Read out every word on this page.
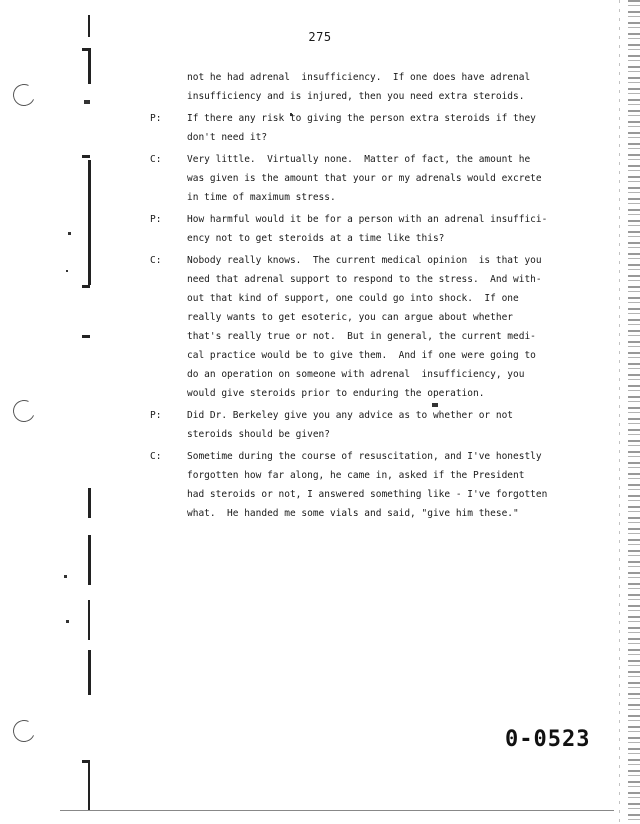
275
not he had adrenal  insufficiency.  If one does have adrenal
insufficiency and is injured, then you need extra steroids.
P:	If there any risk to giving the person extra steroids if they
don't need it?
C:	Very little.  Virtually none.  Matter of fact, the amount he
was given is the amount that your or my adrenals would excrete
in time of maximum stress.
P:	How harmful would it be for a person with an adrenal insuffici-
ency not to get steroids at a time like this?
C:	Nobody really knows.  The current medical opinion  is that you
need that adrenal support to respond to the stress.  And with-
out that kind of support, one could go into shock.  If one
really wants to get esoteric, you can argue about whether
that's really true or not.  But in general, the current medi-
cal practice would be to give them.  And if one were going to
do an operation on someone with adrenal  insufficiency, you
would give steroids prior to enduring the operation.
P:	Did Dr. Berkeley give you any advice as to whether or not
steroids should be given?
C:	Sometime during the course of resuscitation, and I've honestly
forgotten how far along, he came in, asked if the President
had steroids or not, I answered something like - I've forgotten
what.  He handed me some vials and said, "give him these."
0-0523
